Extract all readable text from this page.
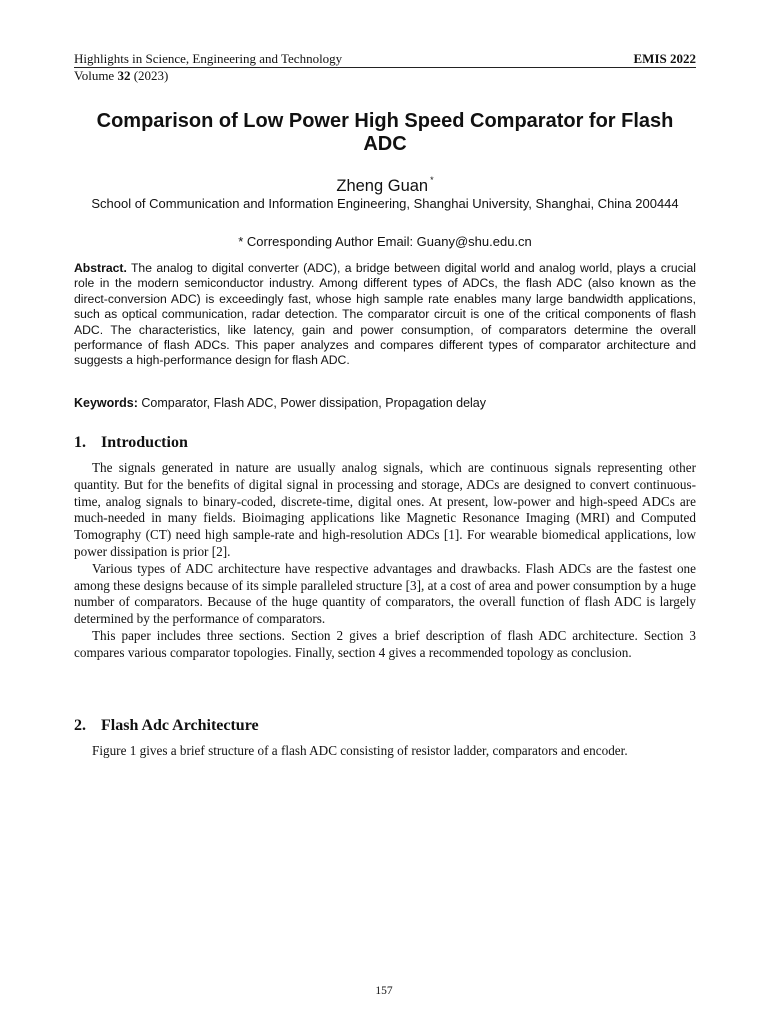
Highlights in Science, Engineering and Technology	EMIS 2022
Volume 32 (2023)
Comparison of Low Power High Speed Comparator for Flash ADC
Zheng Guan *
School of Communication and Information Engineering, Shanghai University, Shanghai, China 200444
* Corresponding Author Email: Guany@shu.edu.cn

Abstract. The analog to digital converter (ADC), a bridge between digital world and analog world, plays a crucial role in the modern semiconductor industry. Among different types of ADCs, the flash ADC (also known as the direct-conversion ADC) is exceedingly fast, whose high sample rate enables many large bandwidth applications, such as optical communication, radar detection. The comparator circuit is one of the critical components of flash ADC. The characteristics, like latency, gain and power consumption, of comparators determine the overall performance of flash ADCs. This paper analyzes and compares different types of comparator architecture and suggests a high-performance design for flash ADC.

Keywords: Comparator, Flash ADC, Power dissipation, Propagation delay

1. Introduction

The signals generated in nature are usually analog signals, which are continuous signals representing other quantity. But for the benefits of digital signal in processing and storage, ADCs are designed to convert continuous-time, analog signals to binary-coded, discrete-time, digital ones. At present, low-power and high-speed ADCs are much-needed in many fields. Bioimaging applications like Magnetic Resonance Imaging (MRI) and Computed Tomography (CT) need high sample-rate and high-resolution ADCs [1]. For wearable biomedical applications, low power dissipation is prior [2].

Various types of ADC architecture have respective advantages and drawbacks. Flash ADCs are the fastest one among these designs because of its simple paralleled structure [3], at a cost of area and power consumption by a huge number of comparators. Because of the huge quantity of comparators, the overall function of flash ADC is largely determined by the performance of comparators.

This paper includes three sections. Section 2 gives a brief description of flash ADC architecture. Section 3 compares various comparator topologies. Finally, section 4 gives a recommended topology as conclusion.

2. Flash Adc Architecture

Figure 1 gives a brief structure of a flash ADC consisting of resistor ladder, comparators and encoder.

157
